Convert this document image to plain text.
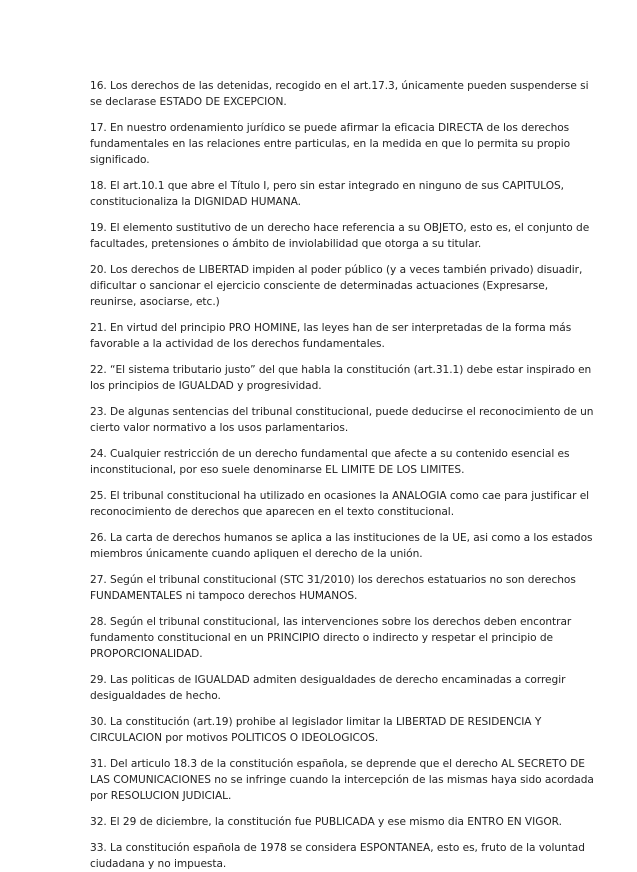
16. Los derechos de las detenidas, recogido en el art.17.3, únicamente pueden suspenderse si se declarase ESTADO DE EXCEPCION.

17. En nuestro ordenamiento jurídico se puede afirmar la eficacia DIRECTA de los derechos fundamentales en las relaciones entre particulas, en la medida en que lo permita su propio significado.

18. El art.10.1 que abre el Título I, pero sin estar integrado en ninguno de sus CAPITULOS, constitucionaliza la DIGNIDAD HUMANA.

19. El elemento sustitutivo de un derecho hace referencia a su OBJETO, esto es, el conjunto de facultades, pretensiones o ámbito de inviolabilidad que otorga a su titular.

20. Los derechos de LIBERTAD impiden al poder público (y a veces también privado) disuadir, dificultar o sancionar el ejercicio consciente de determinadas actuaciones (Expresarse, reunirse, asociarse, etc.)

21. En virtud del principio PRO HOMINE, las leyes han de ser interpretadas de la forma más favorable a la actividad de los derechos fundamentales.

22. “El sistema tributario justo” del que habla la constitución (art.31.1) debe estar inspirado en los principios de IGUALDAD y progresividad.

23. De algunas sentencias del tribunal constitucional, puede deducirse el reconocimiento de un cierto valor normativo a los usos parlamentarios.

24. Cualquier restricción de un derecho fundamental que afecte a su contenido esencial es inconstitucional, por eso suele denominarse EL LIMITE DE LOS LIMITES.

25. El tribunal constitucional ha utilizado en ocasiones la ANALOGIA como cae para justificar el reconocimiento de derechos que aparecen en el texto constitucional.

26. La carta de derechos humanos se aplica a las instituciones de la UE, asi como a los estados miembros únicamente cuando apliquen el derecho de la unión.

27. Según el tribunal constitucional (STC 31/2010) los derechos estatuarios no son derechos FUNDAMENTALES ni tampoco derechos HUMANOS.

28. Según el tribunal constitucional, las intervenciones sobre los derechos deben encontrar fundamento constitucional en un PRINCIPIO directo o indirecto y respetar el principio de PROPORCIONALIDAD.

29. Las politicas de IGUALDAD admiten desigualdades de derecho encaminadas a corregir desigualdades de hecho.

30. La constitución (art.19) prohibe al legislador limitar la LIBERTAD DE RESIDENCIA Y CIRCULACION por motivos POLITICOS O IDEOLOGICOS.

31. Del articulo 18.3 de la constitución española, se deprende que el derecho AL SECRETO DE LAS COMUNICACIONES no se infringe cuando la intercepción de las mismas haya sido acordada por RESOLUCION JUDICIAL.

32. El 29 de diciembre, la constitución fue PUBLICADA y ese mismo dia ENTRO EN VIGOR.

33. La constitución española de 1978 se considera ESPONTANEA, esto es, fruto de la voluntad ciudadana y no impuesta.
